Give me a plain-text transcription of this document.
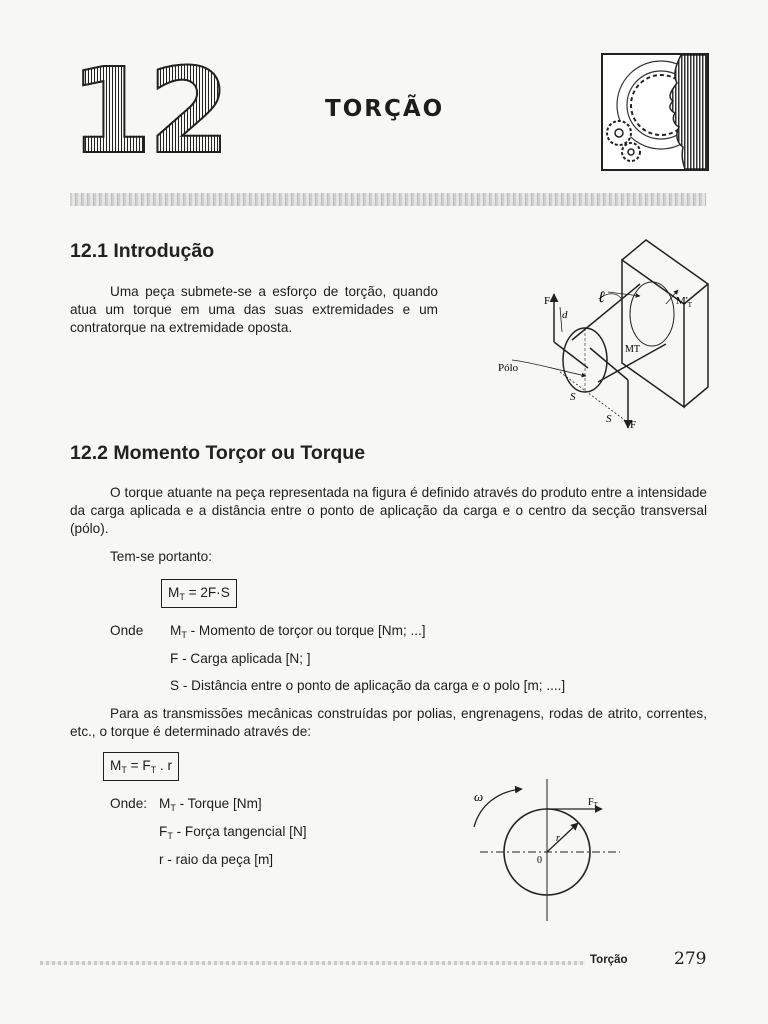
12	TORÇÃO
12.1 Introdução
Uma peça submete-se a esforço de torção, quando atua um torque em uma das suas extremidades e um contratorque na extremidade oposta.
F	ℓ
d
$M'_T$
MT
Pólo
S
S F
12.2 Momento Torçor ou Torque
O torque atuante na peça representada na figura é definido através do produto entre a intensidade da carga aplicada e a distância entre o ponto de aplicação da carga e o centro da secção transversal (pólo).
Tem-se portanto:
$M_T = 2F\cdot S$
Onde $M_T$ - Momento de torçor ou torque [Nm; ...]
F - Carga aplicada [N; ]
S - Distância entre o ponto de aplicação da carga e o polo [m; ....]
Para as transmissões mecânicas construídas por polias, engrenagens, rodas de atrito, correntes, etc., o torque é determinado através de:
$M_T = F_T$ . r
Onde: $M_T$ - Torque [Nm]
$F_T$ - Força tangencial [N]
r - raio da peça [m]
ω	$F_T$
r
0
Torção	279
